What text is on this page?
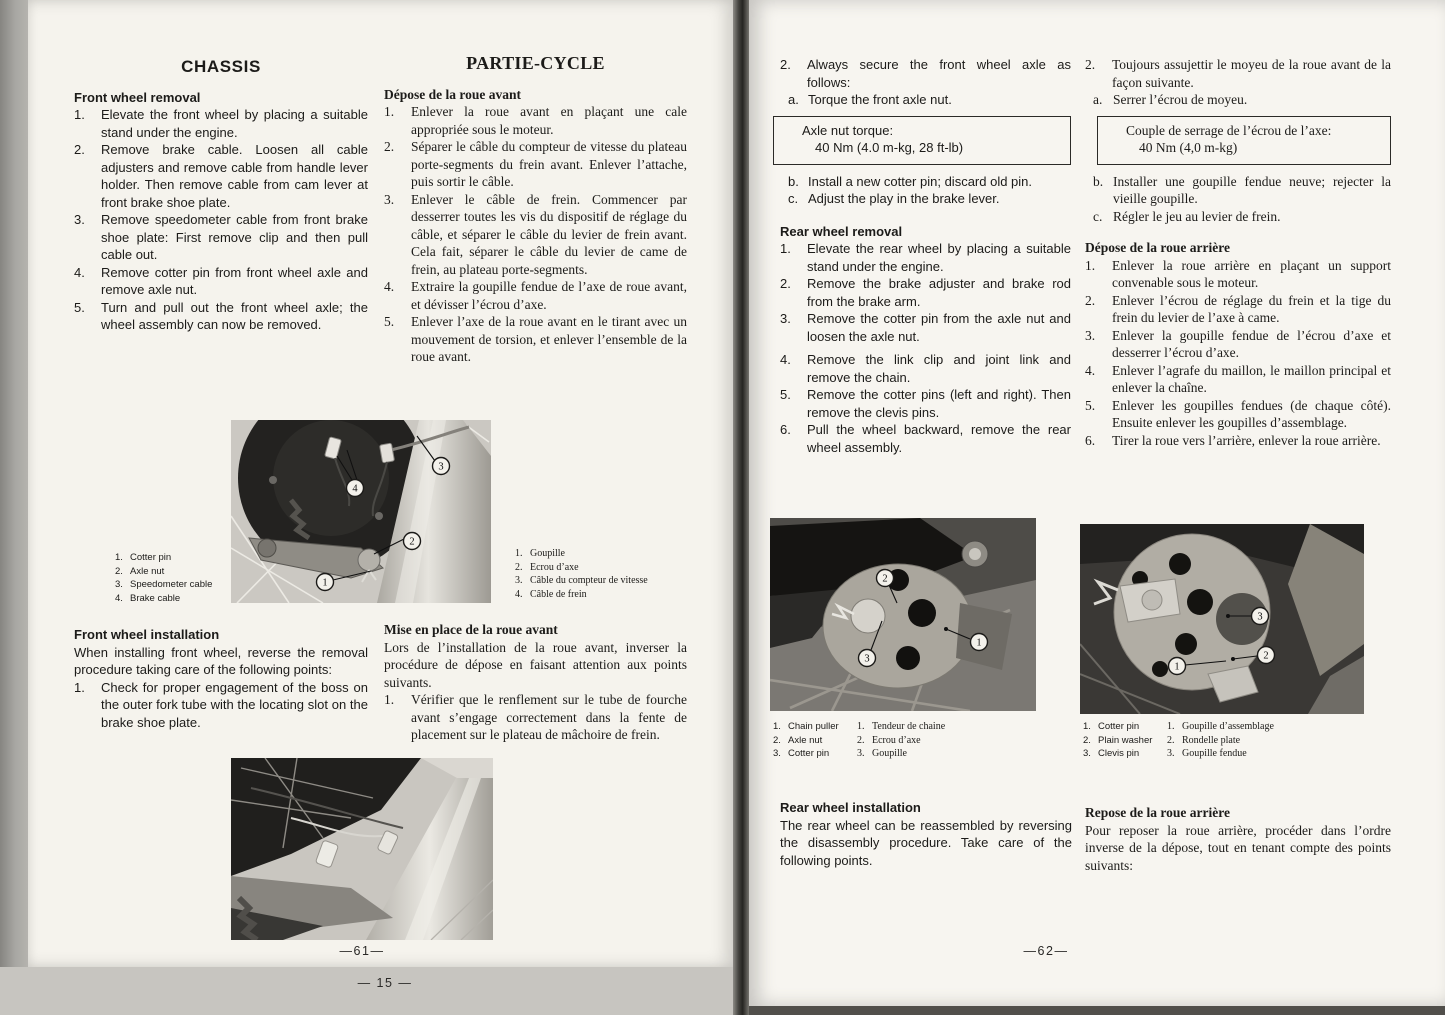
CHASSIS
Front wheel removal
1.	Elevate the front wheel by placing a suitable stand under the engine.
2.	Remove brake cable. Loosen all cable adjusters and remove cable from handle lever holder. Then remove cable from cam lever at front brake shoe plate.
3.	Remove speedometer cable from front brake shoe plate: First remove clip and then pull cable out.
4.	Remove cotter pin from front wheel axle and remove axle nut.
5.	Turn and pull out the front wheel axle; the wheel assembly can now be removed.
PARTIE-CYCLE
Dépose de la roue avant
1.	Enlever la roue avant en plaçant une cale appropriée sous le moteur.
2.	Séparer le câble du compteur de vitesse du plateau porte-segments du frein avant. Enlever l’attache, puis sortir le câble.
3.	Enlever le câble de frein. Commencer par desserrer toutes les vis du dispositif de réglage du câble, et séparer le câble du levier de frein avant. Cela fait, séparer le câble du levier de came de frein, au plateau porte-segments.
4.	Extraire la goupille fendue de l’axe de roue avant, et dévisser l’écrou d’axe.
5.	Enlever l’axe de la roue avant en le tirant avec un mouvement de torsion, et enlever l’ensemble de la roue avant.
4
3
2
1
1. Cotter pin
2. Axle nut
3. Speedometer cable
4. Brake cable
1. Goupille
2. Ecrou d’axe
3. Câble du compteur de vitesse
4. Câble de frein
Front wheel installation

When installing front wheel, reverse the removal procedure taking care of the following points:

1.	Check for proper engagement of the boss on the outer fork tube with the locating slot on the brake shoe plate.
Mise en place de la roue avant

Lors de l’installation de la roue avant, inverser la procédure de dépose en faisant attention aux points suivants.

1.	Vérifier que le renflement sur le tube de fourche avant s’engage correctement dans la fente de placement sur le plateau de mâchoire de frein.
—61—
— 15 —
2.	Always secure the front wheel axle as follows:
a. Torque the front axle nut.
Axle nut torque:
40 Nm (4.0 m-kg, 28 ft-lb)
b. Install a new cotter pin; discard old pin.
c. Adjust the play in the brake lever.
Rear wheel removal
1.	Elevate the rear wheel by placing a suitable stand under the engine.
2.	Remove the brake adjuster and brake rod from the brake arm.
3.	Remove the cotter pin from the axle nut and loosen the axle nut.
4.	Remove the link clip and joint link and remove the chain.
5.	Remove the cotter pins (left and right). Then remove the clevis pins.
6.	Pull the wheel backward, remove the rear wheel assembly.
2.	Toujours assujettir le moyeu de la roue avant de la façon suivante.
a. Serrer l’écrou de moyeu.
Couple de serrage de l’écrou de l’axe:
40 Nm (4,0 m-kg)
b. Installer une goupille fendue neuve; rejecter la vieille goupille.
c. Régler le jeu au levier de frein.
Dépose de la roue arrière
1.	Enlever la roue arrière en plaçant un support convenable sous le moteur.
2.	Enlever l’écrou de réglage du frein et la tige du frein du levier de l’axe à came.
3.	Enlever la goupille fendue de l’écrou d’axe et desserrer l’écrou d’axe.
4.	Enlever l’agrafe du maillon, le maillon principal et enlever la chaîne.
5.	Enlever les goupilles fendues (de chaque côté). Ensuite enlever les goupilles d’assemblage.
6.	Tirer la roue vers l’arrière, enlever la roue arrière.
2
3
1
3
2
1
1. Chain puller
2. Axle nut
3. Cotter pin
1. Tendeur de chaine
2. Ecrou d’axe
3. Goupille
1. Cotter pin
2. Plain washer
3. Clevis pin
1. Goupille d’assemblage
2. Rondelle plate
3. Goupille fendue
Rear wheel installation

The rear wheel can be reassembled by reversing the disassembly procedure. Take care of the following points.

Repose de la roue arrière

Pour reposer la roue arrière, procéder dans l’ordre inverse de la dépose, tout en tenant compte des points suivants:

—62—
